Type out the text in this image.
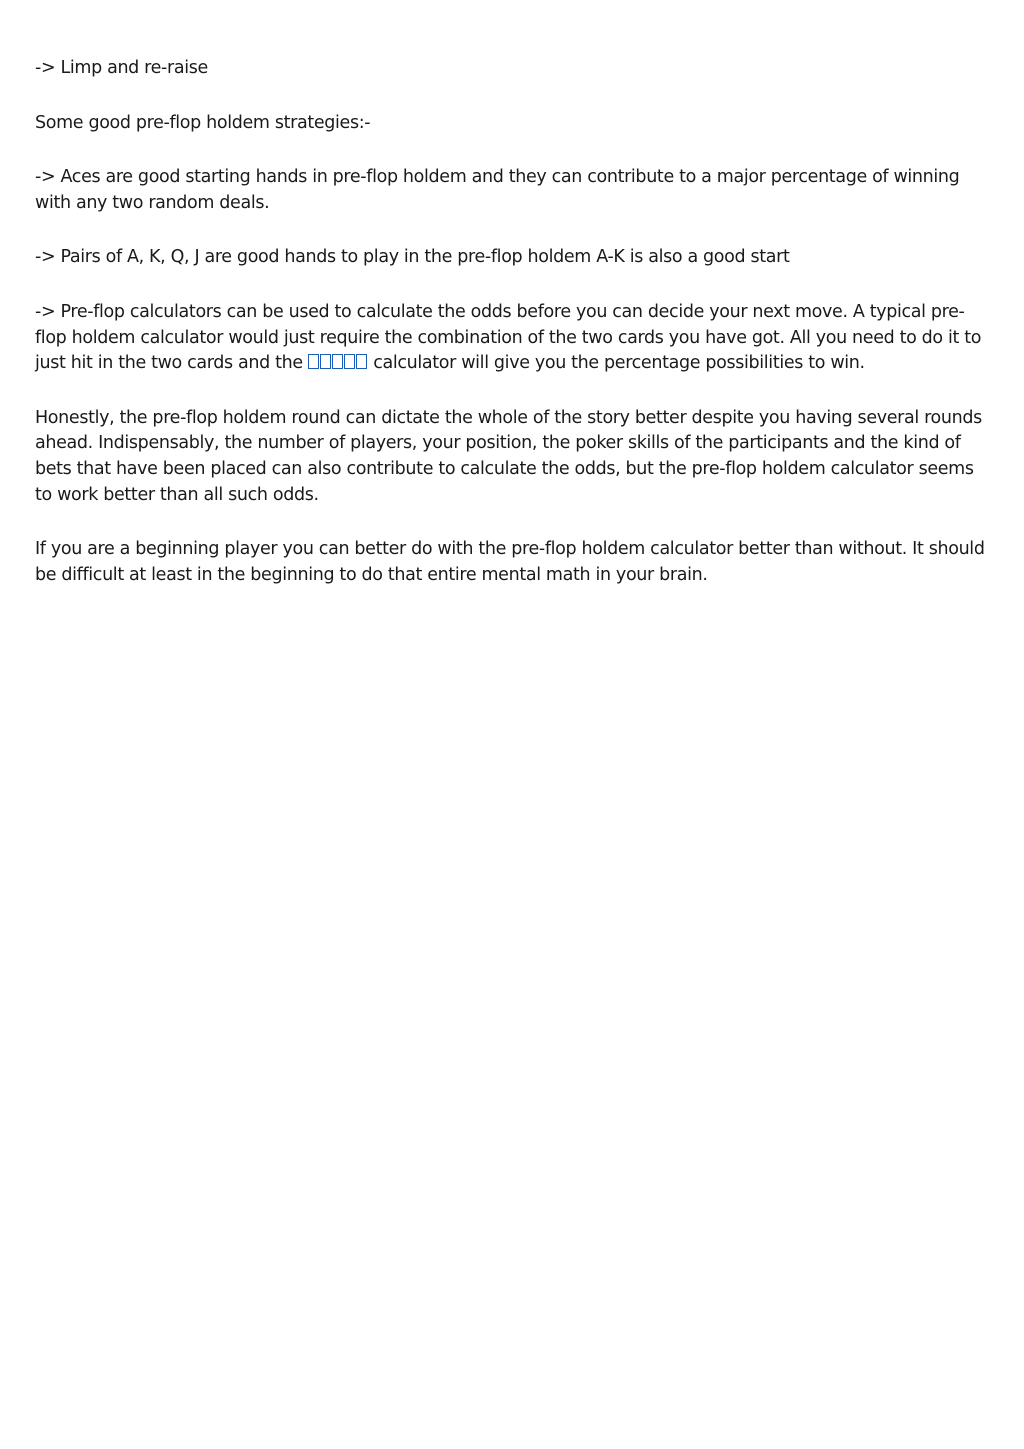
-> Limp and re-raise

Some good pre-flop holdem strategies:-

-> Aces are good starting hands in pre-flop holdem and they can contribute to a major percentage of winning with any two random deals.

-> Pairs of A, K, Q, J are good hands to play in the pre-flop holdem A-K is also a good start

-> Pre-flop calculators can be used to calculate the odds before you can decide your next move. A typical pre-flop holdem calculator would just require the combination of the two cards you have got. All you need to do it to just hit in the two cards and the	calculator will give you the percentage possibilities to win.

Honestly, the pre-flop holdem round can dictate the whole of the story better despite you having several rounds ahead. Indispensably, the number of players, your position, the poker skills of the participants and the kind of bets that have been placed can also contribute to calculate the odds, but the pre-flop holdem calculator seems to work better than all such odds.

If you are a beginning player you can better do with the pre-flop holdem calculator better than without. It should be difficult at least in the beginning to do that entire mental math in your brain.
